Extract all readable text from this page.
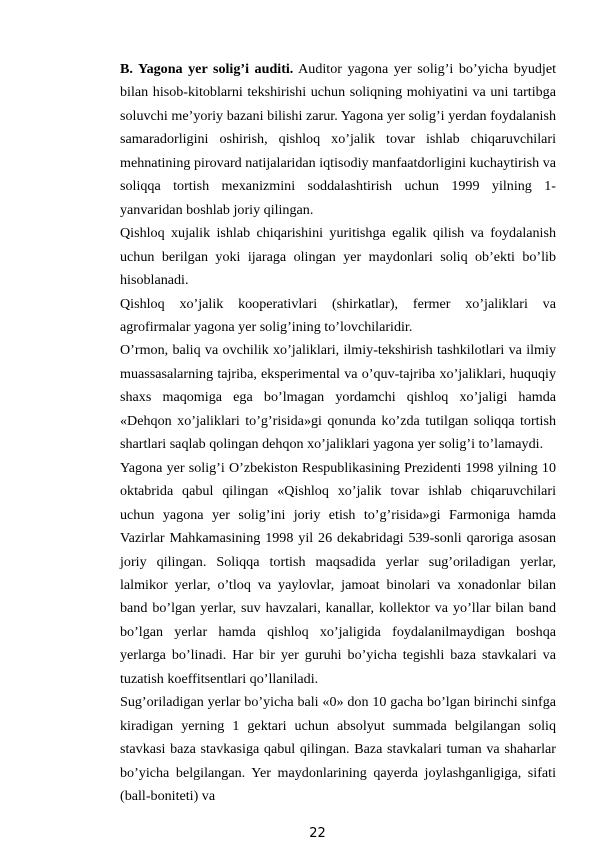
B. Yagona yer solig’i auditi. Auditor yagona yer solig’i bo’yicha byudjet bilan hisob-kitoblarni tekshirishi uchun soliqning mohiyatini va uni tartibga soluvchi me’yoriy bazani bilishi zarur. Yagona yer solig’i yerdan foydalanish samaradorligini oshirish, qishloq xo’jalik tovar ishlab chiqaruvchilari mehnatining pirovard natijalaridan iqtisodiy manfaatdorligini kuchaytirish va soliqqa tortish mexanizmini soddalashtirish uchun 1999 yilning 1-yanvaridan boshlab joriy qilingan.

Qishloq xujalik ishlab chiqarishini yuritishga egalik qilish va foydalanish uchun berilgan yoki ijaraga olingan yer maydonlari soliq ob’ekti bo’lib hisoblanadi.

Qishloq xo’jalik kooperativlari (shirkatlar), fermer xo’jaliklari va agrofirmalar yagona yer solig’ining to’lovchilaridir.

O’rmon, baliq va ovchilik xo’jaliklari, ilmiy-tekshirish tashkilotlari va ilmiy muassasalarning tajriba, eksperimental va o’quv-tajriba xo’jaliklari, huquqiy shaxs maqomiga ega bo’lmagan yordamchi qishloq xo’jaligi hamda «Dehqon xo’jaliklari to’g’risida»gi qonunda ko’zda tutilgan soliqqa tortish shartlari saqlab qolingan dehqon xo’jaliklari yagona yer solig’i to’lamaydi.

Yagona yer solig’i O’zbekiston Respublikasining Prezidenti 1998 yilning 10 oktabrida qabul qilingan «Qishloq xo’jalik tovar ishlab chiqaruvchilari uchun yagona yer solig’ini joriy etish to’g’risida»gi Farmoniga hamda Vazirlar Mahkamasining 1998 yil 26 dekabridagi 539-sonli qaroriga asosan joriy qilingan. Soliqqa tortish maqsadida yerlar sug’oriladigan yerlar, lalmikor yerlar, o’tloq va yaylovlar, jamoat binolari va xonadonlar bilan band bo’lgan yerlar, suv havzalari, kanallar, kollektor va yo’llar bilan band bo’lgan yerlar hamda qishloq xo’jaligida foydalanilmaydigan boshqa yerlarga bo’linadi. Har bir yer guruhi bo’yicha tegishli baza stavkalari va tuzatish koeffitsentlari qo’llaniladi.

Sug’oriladigan yerlar bo’yicha bali «0» don 10 gacha bo’lgan birinchi sinfga kiradigan yerning 1 gektari uchun absolyut summada belgilangan soliq stavkasi baza stavkasiga qabul qilingan. Baza stavkalari tuman va shaharlar bo’yicha belgilangan. Yer maydonlarining qayerda joylashganligiga, sifati (ball-boniteti) va

22
